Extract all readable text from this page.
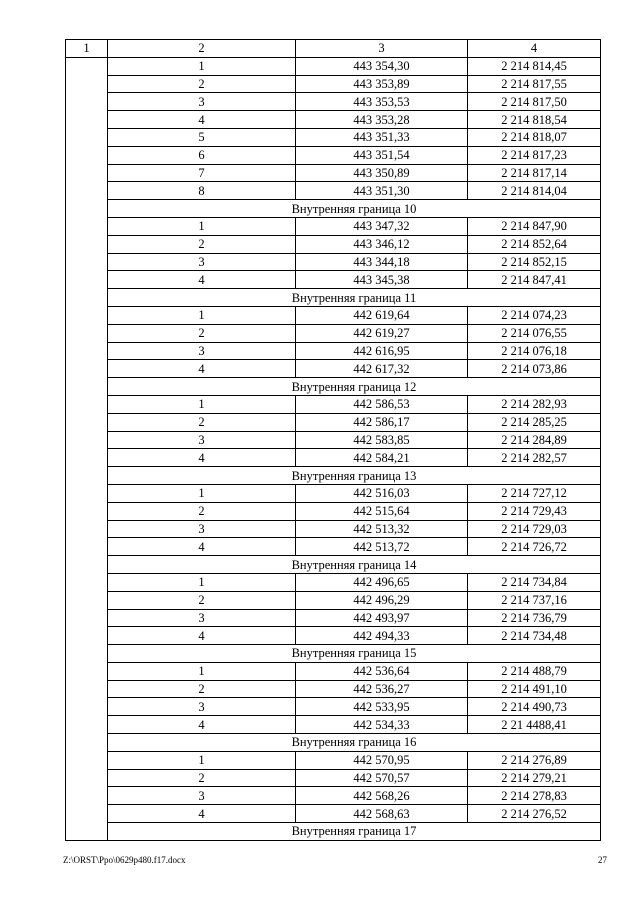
1	2	3	4
	1	443 354,30	2 214 814,45
	2	443 353,89	2 214 817,55
	3	443 353,53	2 214 817,50
	4	443 353,28	2 214 818,54
	5	443 351,33	2 214 818,07
	6	443 351,54	2 214 817,23
	7	443 350,89	2 214 817,14
	8	443 351,30	2 214 814,04
	Внутренняя граница 10		
	1	443 347,32	2 214 847,90
	2	443 346,12	2 214 852,64
	3	443 344,18	2 214 852,15
	4	443 345,38	2 214 847,41
	Внутренняя граница 11		
	1	442 619,64	2 214 074,23
	2	442 619,27	2 214 076,55
	3	442 616,95	2 214 076,18
	4	442 617,32	2 214 073,86
	Внутренняя граница 12		
	1	442 586,53	2 214 282,93
	2	442 586,17	2 214 285,25
	3	442 583,85	2 214 284,89
	4	442 584,21	2 214 282,57
	Внутренняя граница 13		
	1	442 516,03	2 214 727,12
	2	442 515,64	2 214 729,43
	3	442 513,32	2 214 729,03
	4	442 513,72	2 214 726,72
	Внутренняя граница 14		
	1	442 496,65	2 214 734,84
	2	442 496,29	2 214 737,16
	3	442 493,97	2 214 736,79
	4	442 494,33	2 214 734,48
	Внутренняя граница 15		
	1	442 536,64	2 214 488,79
	2	442 536,27	2 214 491,10
	3	442 533,95	2 214 490,73
	4	442 534,33	2 21 4488,41
	Внутренняя граница 16		
	1	442 570,95	2 214 276,89
	2	442 570,57	2 214 279,21
	3	442 568,26	2 214 278,83
	4	442 568,63	2 214 276,52
	Внутренняя граница 17		
Z:\ORST\Ppo\0629p480.f17.docx	27
